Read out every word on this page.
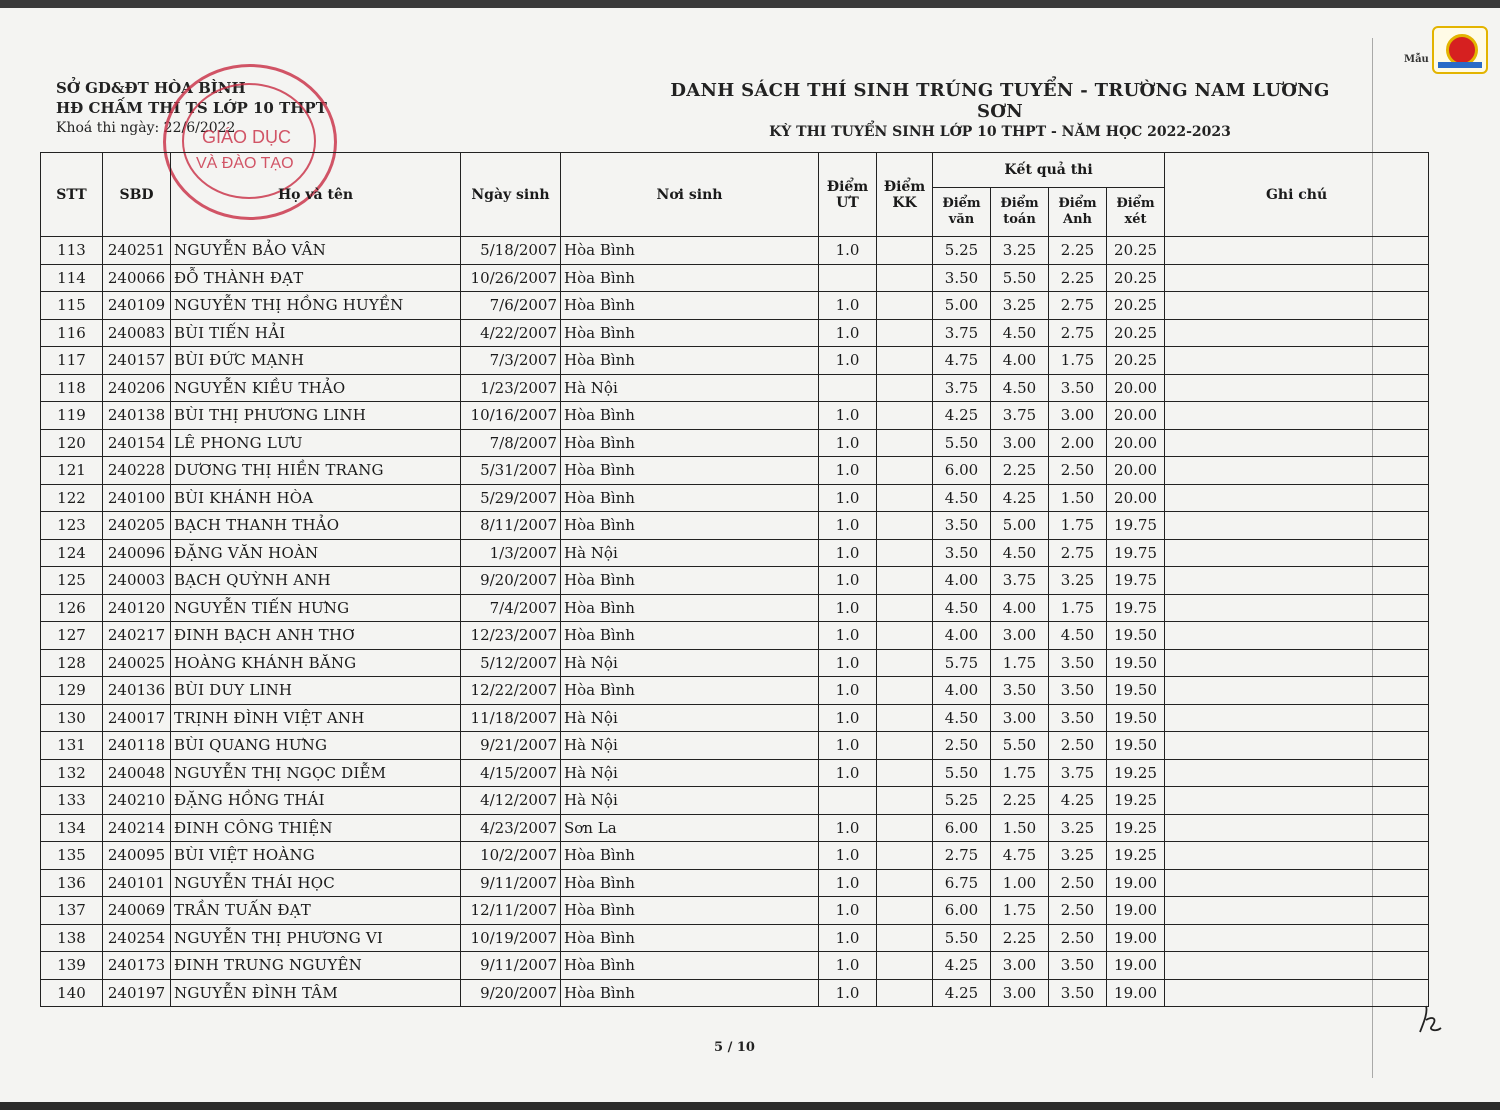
SỞ GD&ĐT HÒA BÌNH
HĐ CHẤM THI TS LỚP 10 THPT
Khoá thi ngày: 22/6/2022
GIÁO DỤC
VÀ ĐÀO TẠO
DANH SÁCH THÍ SINH TRÚNG TUYỂN - TRƯỜNG NAM LƯƠNG SƠN
KỲ THI TUYỂN SINH LỚP 10 THPT - NĂM HỌC 2022-2023
Mẫu
STT	SBD	Họ và tên	Ngày sinh	Nơi sinh	Điểm ƯT	Điểm KK	Kết quả thi				Ghi chú
							Điểm văn	Điểm toán	Điểm Anh	Điểm xét	
113	240251	NGUYỄN BẢO VÂN	5/18/2007	Hòa Bình	1.0		5.25	3.25	2.25	20.25	
114	240066	ĐỖ THÀNH ĐẠT	10/26/2007	Hòa Bình			3.50	5.50	2.25	20.25	
115	240109	NGUYỄN THỊ HỒNG HUYỀN	7/6/2007	Hòa Bình	1.0		5.00	3.25	2.75	20.25	
116	240083	BÙI TIẾN HẢI	4/22/2007	Hòa Bình	1.0		3.75	4.50	2.75	20.25	
117	240157	BÙI ĐỨC MẠNH	7/3/2007	Hòa Bình	1.0		4.75	4.00	1.75	20.25	
118	240206	NGUYỄN KIỀU THẢO	1/23/2007	Hà Nội			3.75	4.50	3.50	20.00	
119	240138	BÙI THỊ PHƯƠNG LINH	10/16/2007	Hòa Bình	1.0		4.25	3.75	3.00	20.00	
120	240154	LÊ PHONG LƯU	7/8/2007	Hòa Bình	1.0		5.50	3.00	2.00	20.00	
121	240228	DƯƠNG THỊ HIỀN TRANG	5/31/2007	Hòa Bình	1.0		6.00	2.25	2.50	20.00	
122	240100	BÙI KHÁNH HÒA	5/29/2007	Hòa Bình	1.0		4.50	4.25	1.50	20.00	
123	240205	BẠCH THANH THẢO	8/11/2007	Hòa Bình	1.0		3.50	5.00	1.75	19.75	
124	240096	ĐẶNG VĂN HOÀN	1/3/2007	Hà Nội	1.0		3.50	4.50	2.75	19.75	
125	240003	BẠCH QUỲNH ANH	9/20/2007	Hòa Bình	1.0		4.00	3.75	3.25	19.75	
126	240120	NGUYỄN TIẾN HƯNG	7/4/2007	Hòa Bình	1.0		4.50	4.00	1.75	19.75	
127	240217	ĐINH BẠCH ANH THƠ	12/23/2007	Hòa Bình	1.0		4.00	3.00	4.50	19.50	
128	240025	HOÀNG KHÁNH BĂNG	5/12/2007	Hà Nội	1.0		5.75	1.75	3.50	19.50	
129	240136	BÙI DUY LINH	12/22/2007	Hòa Bình	1.0		4.00	3.50	3.50	19.50	
130	240017	TRỊNH ĐÌNH VIỆT ANH	11/18/2007	Hà Nội	1.0		4.50	3.00	3.50	19.50	
131	240118	BÙI QUANG HƯNG	9/21/2007	Hà Nội	1.0		2.50	5.50	2.50	19.50	
132	240048	NGUYỄN THỊ NGỌC DIỄM	4/15/2007	Hà Nội	1.0		5.50	1.75	3.75	19.25	
133	240210	ĐẶNG HỒNG THÁI	4/12/2007	Hà Nội			5.25	2.25	4.25	19.25	
134	240214	ĐINH CÔNG THIỆN	4/23/2007	Sơn La	1.0		6.00	1.50	3.25	19.25	
135	240095	BÙI VIỆT HOÀNG	10/2/2007	Hòa Bình	1.0		2.75	4.75	3.25	19.25	
136	240101	NGUYỄN THÁI HỌC	9/11/2007	Hòa Bình	1.0		6.75	1.00	2.50	19.00	
137	240069	TRẦN TUẤN ĐẠT	12/11/2007	Hòa Bình	1.0		6.00	1.75	2.50	19.00	
138	240254	NGUYỄN THỊ PHƯƠNG VI	10/19/2007	Hòa Bình	1.0		5.50	2.25	2.50	19.00	
139	240173	ĐINH TRUNG NGUYÊN	9/11/2007	Hòa Bình	1.0		4.25	3.00	3.50	19.00	
140	240197	NGUYỄN ĐÌNH TÂM	9/20/2007	Hòa Bình	1.0		4.25	3.00	3.50	19.00	
5 / 10
